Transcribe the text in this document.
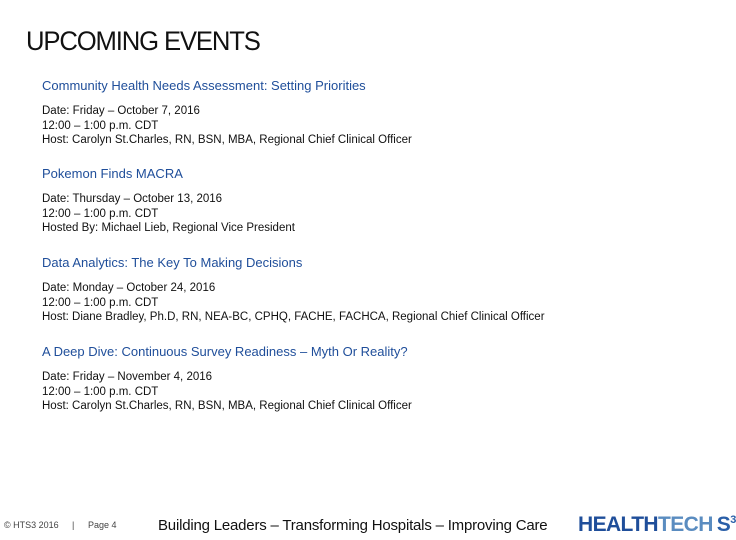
UPCOMING EVENTS
Community Health Needs Assessment: Setting Priorities
Date: Friday – October 7, 2016
12:00 – 1:00 p.m. CDT
Host: Carolyn St.Charles, RN, BSN, MBA, Regional Chief Clinical Officer
Pokemon Finds MACRA
Date: Thursday – October 13, 2016
12:00 – 1:00 p.m. CDT
Hosted By: Michael Lieb, Regional Vice President
Data Analytics: The Key To Making Decisions
Date: Monday – October 24, 2016
12:00 – 1:00 p.m. CDT
Host: Diane Bradley, Ph.D, RN, NEA-BC, CPHQ, FACHE, FACHCA, Regional Chief Clinical Officer
A Deep Dive: Continuous Survey Readiness – Myth Or Reality?
Date: Friday – November 4, 2016
12:00 – 1:00 p.m. CDT
Host: Carolyn St.Charles, RN, BSN, MBA, Regional Chief Clinical Officer
© HTS3 2016 | Page 4	Building Leaders – Transforming Hospitals – Improving Care HEALTHTECH $S^3$
